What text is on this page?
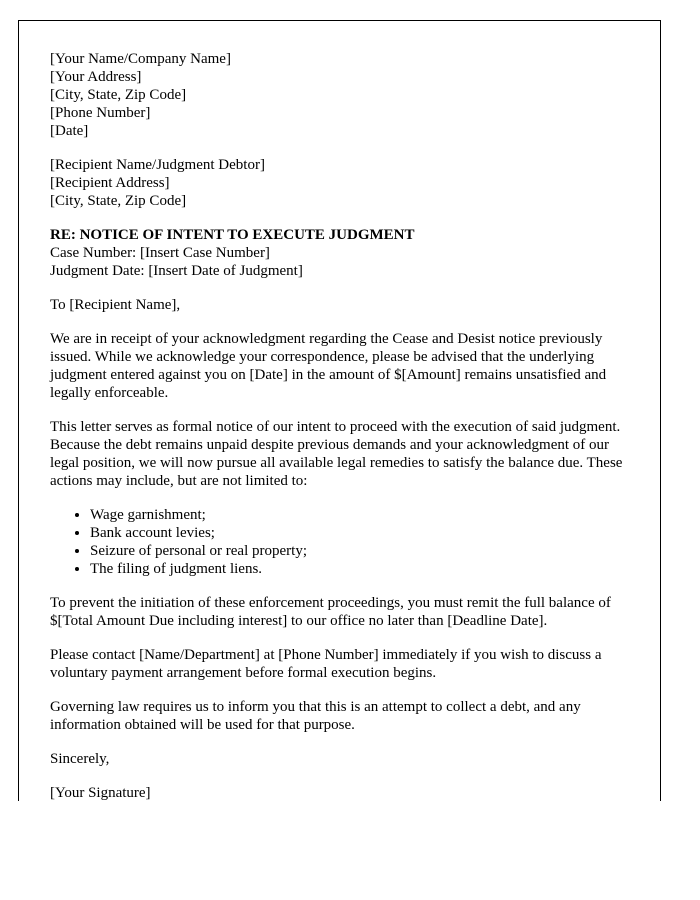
[Your Name/Company Name]
[Your Address]
[City, State, Zip Code]
[Phone Number]
[Date]
[Recipient Name/Judgment Debtor]
[Recipient Address]
[City, State, Zip Code]
RE: NOTICE OF INTENT TO EXECUTE JUDGMENT
Case Number: [Insert Case Number]
Judgment Date: [Insert Date of Judgment]

To [Recipient Name],

We are in receipt of your acknowledgment regarding the Cease and Desist notice previously issued. While we acknowledge your correspondence, please be advised that the underlying judgment entered against you on [Date] in the amount of $[Amount] remains unsatisfied and legally enforceable.

This letter serves as formal notice of our intent to proceed with the execution of said judgment. Because the debt remains unpaid despite previous demands and your acknowledgment of our legal position, we will now pursue all available legal remedies to satisfy the balance due. These actions may include, but are not limited to:

• Wage garnishment;
• Bank account levies;
• Seizure of personal or real property;
• The filing of judgment liens.

To prevent the initiation of these enforcement proceedings, you must remit the full balance of $[Total Amount Due including interest] to our office no later than [Deadline Date].

Please contact [Name/Department] at [Phone Number] immediately if you wish to discuss a voluntary payment arrangement before formal execution begins.

Governing law requires us to inform you that this is an attempt to collect a debt, and any information obtained will be used for that purpose.

Sincerely,

[Your Signature]
